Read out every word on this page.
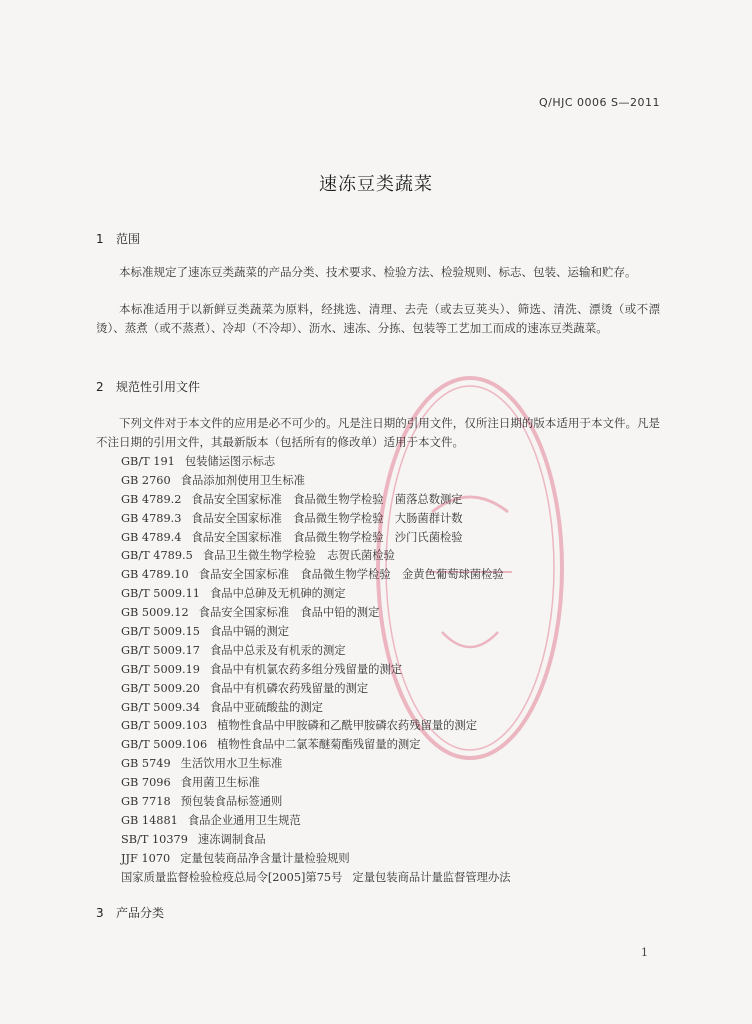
Q/HJC 0006 S—2011
速冻豆类蔬菜
1 范围

本标准规定了速冻豆类蔬菜的产品分类、技术要求、检验方法、检验规则、标志、包装、运输和贮存。

本标准适用于以新鲜豆类蔬菜为原料，经挑选、清理、去壳（或去豆荚头）、筛选、清洗、漂烫（或不漂烫）、蒸煮（或不蒸煮）、冷却（不冷却）、沥水、速冻、分拣、包装等工艺加工而成的速冻豆类蔬菜。

2 规范性引用文件

下列文件对于本文件的应用是必不可少的。凡是注日期的引用文件，仅所注日期的版本适用于本文件。凡是不注日期的引用文件，其最新版本（包括所有的修改单）适用于本文件。

GB/T 191 包装储运图示标志
GB 2760 食品添加剂使用卫生标准
GB 4789.2 食品安全国家标准　食品微生物学检验　菌落总数测定
GB 4789.3 食品安全国家标准　食品微生物学检验　大肠菌群计数
GB 4789.4 食品安全国家标准　食品微生物学检验　沙门氏菌检验
GB/T 4789.5 食品卫生微生物学检验　志贺氏菌检验
GB 4789.10 食品安全国家标准　食品微生物学检验　金黄色葡萄球菌检验
GB/T 5009.11 食品中总砷及无机砷的测定
GB 5009.12 食品安全国家标准　食品中铅的测定
GB/T 5009.15 食品中镉的测定
GB/T 5009.17 食品中总汞及有机汞的测定
GB/T 5009.19 食品中有机氯农药多组分残留量的测定
GB/T 5009.20 食品中有机磷农药残留量的测定
GB/T 5009.34 食品中亚硫酸盐的测定
GB/T 5009.103 植物性食品中甲胺磷和乙酰甲胺磷农药残留量的测定
GB/T 5009.106 植物性食品中二氯苯醚菊酯残留量的测定
GB 5749 生活饮用水卫生标准
GB 7096 食用菌卫生标准
GB 7718 预包装食品标签通则
GB 14881 食品企业通用卫生规范
SB/T 10379 速冻调制食品
JJF 1070 定量包装商品净含量计量检验规则
国家质量监督检验检疫总局令[2005]第75号 定量包装商品计量监督管理办法
3 产品分类
1
